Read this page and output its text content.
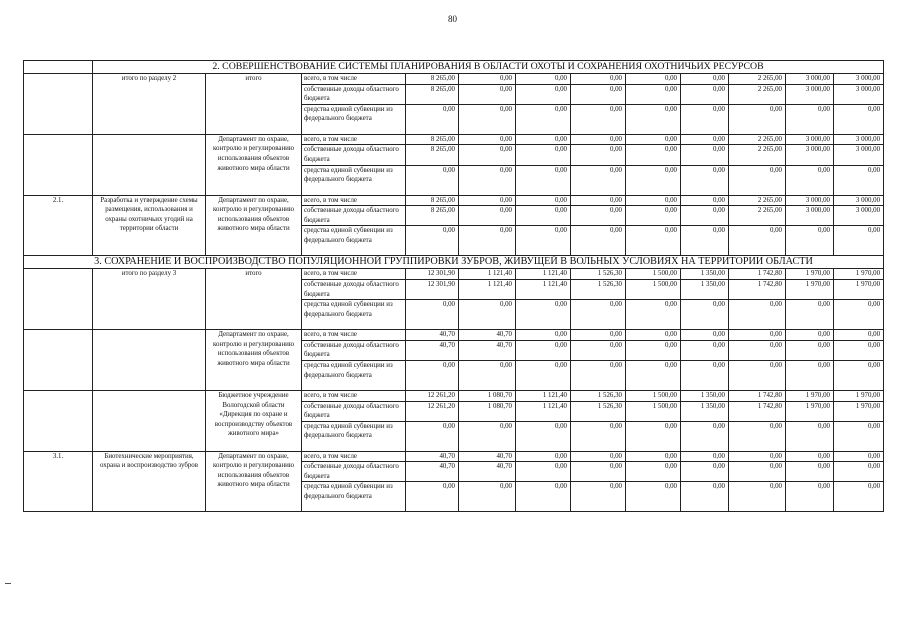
80
	2. СОВЕРШЕНСТВОВАНИЕ СИСТЕМЫ ПЛАНИРОВАНИЯ В ОБЛАСТИ ОХОТЫ И СОХРАНЕНИЯ ОХОТНИЧЬИХ РЕСУРСОВ											
	итого по разделу 2	итого	всего, в том числе	8 265,00	0,00	0,00	0,00	0,00	0,00	2 265,00	3 000,00	3 000,00
			собственные доходы областного бюджета	8 265,00	0,00	0,00	0,00	0,00	0,00	2 265,00	3 000,00	3 000,00
			средства единой субвенции из федерального бюджета	0,00	0,00	0,00	0,00	0,00	0,00	0,00	0,00	0,00
		Департамент по охране, контролю и регулированию использования объектов животного мира области	всего, в том числе	8 265,00	0,00	0,00	0,00	0,00	0,00	2 265,00	3 000,00	3 000,00
			собственные доходы областного бюджета	8 265,00	0,00	0,00	0,00	0,00	0,00	2 265,00	3 000,00	3 000,00
			средства единой субвенции из федерального бюджета	0,00	0,00	0,00	0,00	0,00	0,00	0,00	0,00	0,00
2.1.	Разработка и утверждение схемы размещения, использования и охраны охотничьих угодий на территории области	Департамент по охране, контролю и регулированию использования объектов животного мира области	всего, в том числе	8 265,00	0,00	0,00	0,00	0,00	0,00	2 265,00	3 000,00	3 000,00
			собственные доходы областного бюджета	8 265,00	0,00	0,00	0,00	0,00	0,00	2 265,00	3 000,00	3 000,00
			средства единой субвенции из федерального бюджета	0,00	0,00	0,00	0,00	0,00	0,00	0,00	0,00	0,00
3. СОХРАНЕНИЕ И ВОСПРОИЗВОДСТВО ПОПУЛЯЦИОННОЙ ГРУППИРОВКИ ЗУБРОВ, ЖИВУЩЕЙ В ВОЛЬНЫХ УСЛОВИЯХ НА ТЕРРИТОРИИ ОБЛАСТИ												
	итого по разделу 3	итого	всего, в том числе	12 301,90	1 121,40	1 121,40	1 526,30	1 500,00	1 350,00	1 742,80	1 970,00	1 970,00
			собственные доходы областного бюджета	12 301,90	1 121,40	1 121,40	1 526,30	1 500,00	1 350,00	1 742,80	1 970,00	1 970,00
			средства единой субвенции из федерального бюджета	0,00	0,00	0,00	0,00	0,00	0,00	0,00	0,00	0,00
		Департамент по охране, контролю и регулированию использования объектов животного мира области	всего, в том числе	40,70	40,70	0,00	0,00	0,00	0,00	0,00	0,00	0,00
			собственные доходы областного бюджета	40,70	40,70	0,00	0,00	0,00	0,00	0,00	0,00	0,00
			средства единой субвенции из федерального бюджета	0,00	0,00	0,00	0,00	0,00	0,00	0,00	0,00	0,00
		Бюджетное учреждение Вологодской области «Дирекция по охране и воспроизводству объектов животного мира»	всего, в том числе	12 261,20	1 080,70	1 121,40	1 526,30	1 500,00	1 350,00	1 742,80	1 970,00	1 970,00
			собственные доходы областного бюджета	12 261,20	1 080,70	1 121,40	1 526,30	1 500,00	1 350,00	1 742,80	1 970,00	1 970,00
			средства единой субвенции из федерального бюджета	0,00	0,00	0,00	0,00	0,00	0,00	0,00	0,00	0,00
3.1.	Биотехнические мероприятия, охрана и воспроизводство зубров	Департамент по охране, контролю и регулированию использования объектов животного мира области	всего, в том числе	40,70	40,70	0,00	0,00	0,00	0,00	0,00	0,00	0,00
			собственные доходы областного бюджета	40,70	40,70	0,00	0,00	0,00	0,00	0,00	0,00	0,00
			средства единой субвенции из федерального бюджета	0,00	0,00	0,00	0,00	0,00	0,00	0,00	0,00	0,00
